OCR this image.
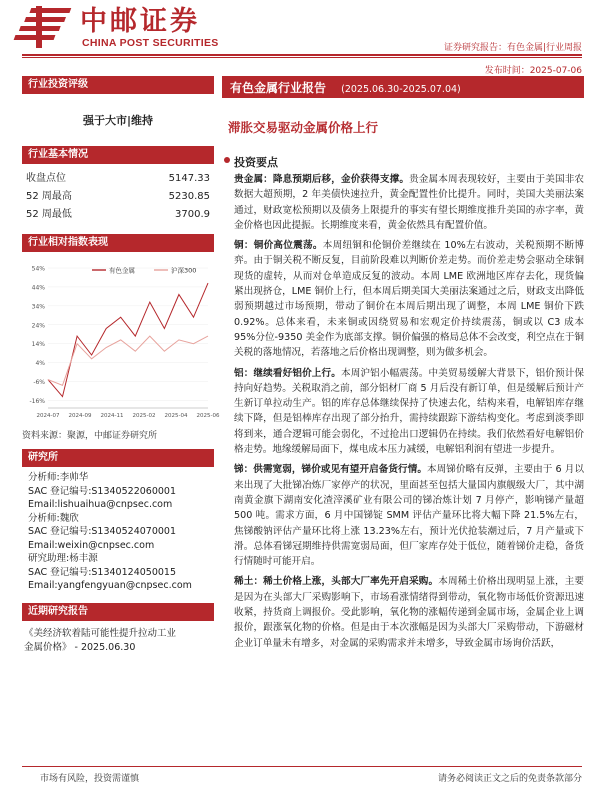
中邮证券
CHINA POST SECURITIES	证券研究报告：有色金属|行业周报
发布时间：2025-07-06
行业投资评级
强于大市|维持
行业基本情况
收盘点位	5147.33
52 周最高	5230.85
52 周最低	3700.9
行业相对指数表现
54%
44%
34%
24%
14%
4%
-6%
-16%
2024-07 2024-09 2024-11 2025-02 2025-04 2025-06
有色金属	沪深300
资料来源：聚源，中邮证券研究所
研究所
分析师:李帅华
SAC 登记编号:S1340522060001
Email:lishuaihua@cnpsec.com
分析师:魏欣
SAC 登记编号:S1340524070001
Email:weixin@cnpsec.com
研究助理:杨丰源
SAC 登记编号:S1340124050015
Email:yangfengyuan@cnpsec.com
近期研究报告
《美经济软着陆可能性提升拉动工业
金属价格》 - 2025.06.30
有色金属行业报告 (2025.06.30-2025.07.04)
滞胀交易驱动金属价格上行
投资要点
贵金属：降息预期后移，金价获得支撑。贵金属本周表现较好，主要由于美国非农数据大超预期，2 年美债快速拉升，黄金配置性价比提升。同时，美国大美丽法案通过，财政宽松预期以及债务上限提升的事实有望长期维度推升美国的赤字率，黄金价格也因此提振。长期维度来看，黄金依然具有配置价值。
铜：铜价高位震荡。本周纽铜和伦铜价差继续在 10%左右波动，关税预期不断博弈。由于铜关税不断反复，目前阶段难以判断价差走势。而价差走势会驱动全球铜现货的虚转，从而对仓单造成反复的波动。本周 LME 欧洲地区库存去化，现货偏紧出现挤仓，LME 铜价上行，但本周后期美国大美丽法案通过之后，财政支出降低弱预期越过市场预期，带动了铜价在本周后期出现了调整，本周 LME 铜价下跌 0.92%。总体来看，未来铜或因绕贸易和宏观定价持续震荡，铜或以 C3 成本 95%分位-9350 美金作为底部支撑。铜价偏强的格局总体不会改变，利空点在于铜关税的落地情况，若落地之后价格出现调整，则为做多机会。
铝：继续看好铝价上行。本周沪铝小幅震荡。中美贸易缓解大背景下，铝价预计保持向好趋势。关税取消之前，部分铝材厂商 5 月后没有新订单，但是缓解后预计产生新订单拉动生产。铝的库存总体继续保持了快速去化，结构来看，电解铝库存继续下降，但是铝棒库存出现了部分抬升，需持续跟踪下游结构变化。考虑到淡季即将到来，通合逻辑可能会弱化，不过抢出口逻辑仍在持续。我们依然看好电解铝价格走势。地缘缓解局面下，煤电成本压力减缓，电解铝利润有望进一步提升。
锑：供需宽弱，锑价或见有望开启备货行情。本周锑价略有反弹，主要由于 6 月以来出现了大批锑冶炼厂家停产的状况，里面甚至包括大量国内旗舰级大厂，其中湖南黄金旗下湖南安化渣滓溪矿业有限公司的锑冶炼计划 7 月停产，影响锑产量超 500 吨。需求方面，6 月中国锑锭 SMM 评估产量环比将大幅下降 21.5%左右，焦锑酸钠评估产量环比将上涨 13.23%左右，预计光伏抢装潮过后，7 月产量或下滑。总体看锑冠期维持供需宽弱局面，但厂家库存处于低位，随着锑价走稳，备货行情随时可能开启。
稀土：稀土价格上涨，头部大厂率先开启采购。本周稀土价格出现明显上涨，主要是因为在头部大厂采购影响下，市场看涨情绪得到带动，氧化物市场低价资源迅速收紧，持货商上调报价。受此影响，氧化物的涨幅传递到金属市场，金属企业上调报价，跟涨氧化物的价格。但是由于本次涨幅是因为头部大厂采购带动，下游磁材企业订单量未有增多，对金属的采购需求并未增多，导致金属市场询价活跃，
市场有风险，投资需谨慎	请务必阅读正文之后的免责条款部分
